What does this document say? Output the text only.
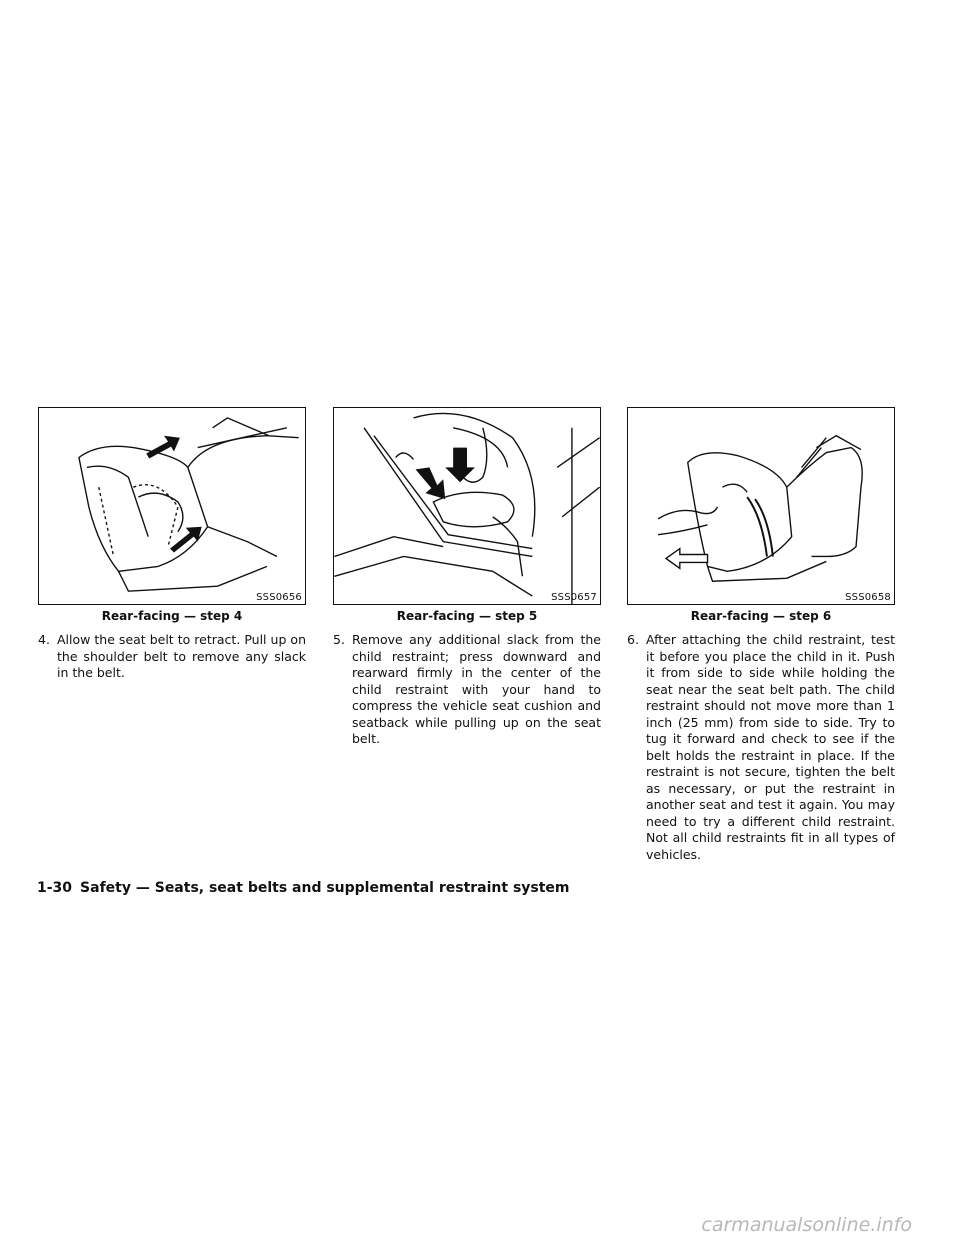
SSS0656
Rear-facing — step 4
SSS0657
Rear-facing — step 5
SSS0658
Rear-facing — step 6
4. Allow the seat belt to retract. Pull up on the shoulder belt to remove any slack in the belt.
5. Remove any additional slack from the child restraint; press downward and rearward firmly in the center of the child restraint with your hand to compress the vehicle seat cushion and seatback while pulling up on the seat belt.
6. After attaching the child restraint, test it before you place the child in it. Push it from side to side while holding the seat near the seat belt path. The child restraint should not move more than 1 inch (25 mm) from side to side. Try to tug it forward and check to see if the belt holds the restraint in place. If the restraint is not secure, tighten the belt as necessary, or put the restraint in another seat and test it again. You may need to try a different child restraint. Not all child restraints fit in all types of vehicles.
1-30 Safety — Seats, seat belts and supplemental restraint system
carmanualsonline.info
